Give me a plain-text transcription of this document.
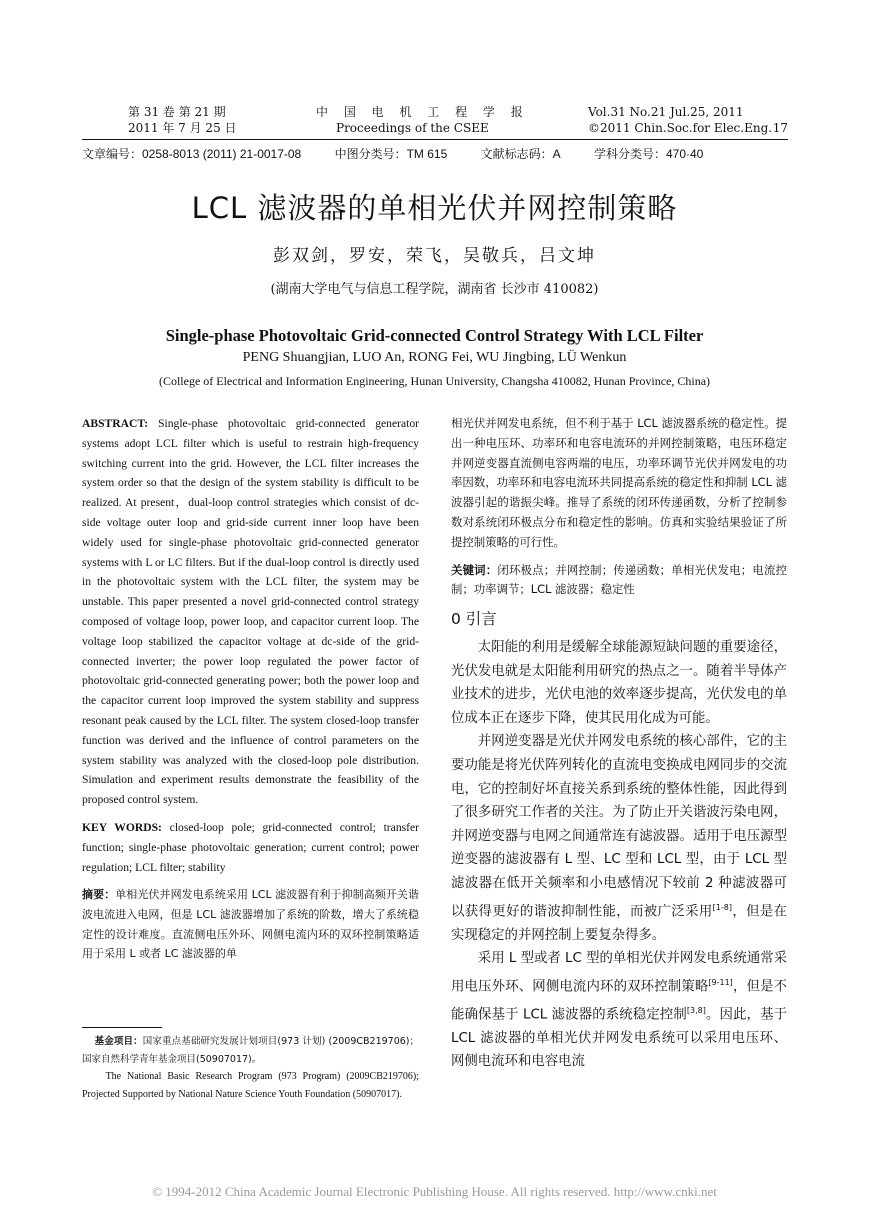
第 31 卷 第 21 期
2011 年 7 月 25 日
中 国 电 机 工 程 学 报
Proceedings of the CSEE
Vol.31 No.21 Jul.25, 2011
©2011 Chin.Soc.for Elec.Eng. 17
文章编号：0258-8013 (2011) 21-0017-08	中图分类号：TM 615	文献标志码：A	学科分类号：470·40
LCL 滤波器的单相光伏并网控制策略
彭双剑，罗安，荣飞，吴敬兵，吕文坤
(湖南大学电气与信息工程学院，湖南省 长沙市 410082)
Single-phase Photovoltaic Grid-connected Control Strategy With LCL Filter
PENG Shuangjian, LUO An, RONG Fei, WU Jingbing, LÜ Wenkun
(College of Electrical and Information Engineering, Hunan University, Changsha 410082, Hunan Province, China)

ABSTRACT: Single-phase photovoltaic grid-connected generator systems adopt LCL filter which is useful to restrain high-frequency switching current into the grid. However, the LCL filter increases the system order so that the design of the system stability is difficult to be realized. At present，dual-loop control strategies which consist of dc-side voltage outer loop and grid-side current inner loop have been widely used for single-phase photovoltaic grid-connected generator systems with L or LC filters. But if the dual-loop control is directly used in the photovoltaic system with the LCL filter, the system may be unstable. This paper presented a novel grid-connected control strategy composed of voltage loop, power loop, and capacitor current loop. The voltage loop stabilized the capacitor voltage at dc-side of the grid-connected inverter; the power loop regulated the power factor of photovoltaic grid-connected generating power; both the power loop and the capacitor current loop improved the system stability and suppress resonant peak caused by the LCL filter. The system closed-loop transfer function was derived and the influence of control parameters on the system stability was analyzed with the closed-loop pole distribution. Simulation and experiment results demonstrate the feasibility of the proposed control system.

KEY WORDS: closed-loop pole; grid-connected control; transfer function; single-phase photovoltaic generation; current control; power regulation; LCL filter; stability

摘要：单相光伏并网发电系统采用 LCL 滤波器有利于抑制高频开关谐波电流进入电网，但是 LCL 滤波器增加了系统的阶数，增大了系统稳定性的设计难度。直流侧电压外环、网侧电流内环的双环控制策略适用于采用 L 或者 LC 滤波器的单

基金项目：国家重点基础研究发展计划项目(973 计划) (2009CB219706)；国家自然科学青年基金项目(50907017)。
The National Basic Research Program (973 Program) (2009CB219706); Projected Supported by National Nature Science Youth Foundation (50907017).
相光伏并网发电系统，但不利于基于 LCL 滤波器系统的稳定性。提出一种电压环、功率环和电容电流环的并网控制策略，电压环稳定并网逆变器直流侧电容两端的电压，功率环调节光伏并网发电的功率因数，功率环和电容电流环共同提高系统的稳定性和抑制 LCL 滤波器引起的谐振尖峰。推导了系统的闭环传递函数，分析了控制参数对系统闭环极点分布和稳定性的影响。仿真和实验结果验证了所提控制策略的可行性。
关键词：闭环极点；并网控制；传递函数；单相光伏发电；电流控制；功率调节；LCL 滤波器；稳定性
0 引言
太阳能的利用是缓解全球能源短缺问题的重要途径，光伏发电就是太阳能利用研究的热点之一。随着半导体产业技术的进步，光伏电池的效率逐步提高，光伏发电的单位成本正在逐步下降，使其民用化成为可能。
并网逆变器是光伏并网发电系统的核心部件，它的主要功能是将光伏阵列转化的直流电变换成电网同步的交流电，它的控制好坏直接关系到系统的整体性能，因此得到了很多研究工作者的关注。为了防止开关谐波污染电网，并网逆变器与电网之间通常连有滤波器。适用于电压源型逆变器的滤波器有 L 型、LC 型和 LCL 型，由于 LCL 型滤波器在低开关频率和小电感情况下较前 2 种滤波器可以获得更好的谐波抑制性能，而被广泛采用[1-8]，但是在实现稳定的并网控制上要复杂得多。
采用 L 型或者 LC 型的单相光伏并网发电系统通常采用电压外环、网侧电流内环的双环控制策略[9-11]，但是不能确保基于 LCL 滤波器的系统稳定控制[3,8]。因此，基于 LCL 滤波器的单相光伏并网发电系统可以采用电压环、网侧电流环和电容电流
© 1994-2012 China Academic Journal Electronic Publishing House. All rights reserved. http://www.cnki.net
